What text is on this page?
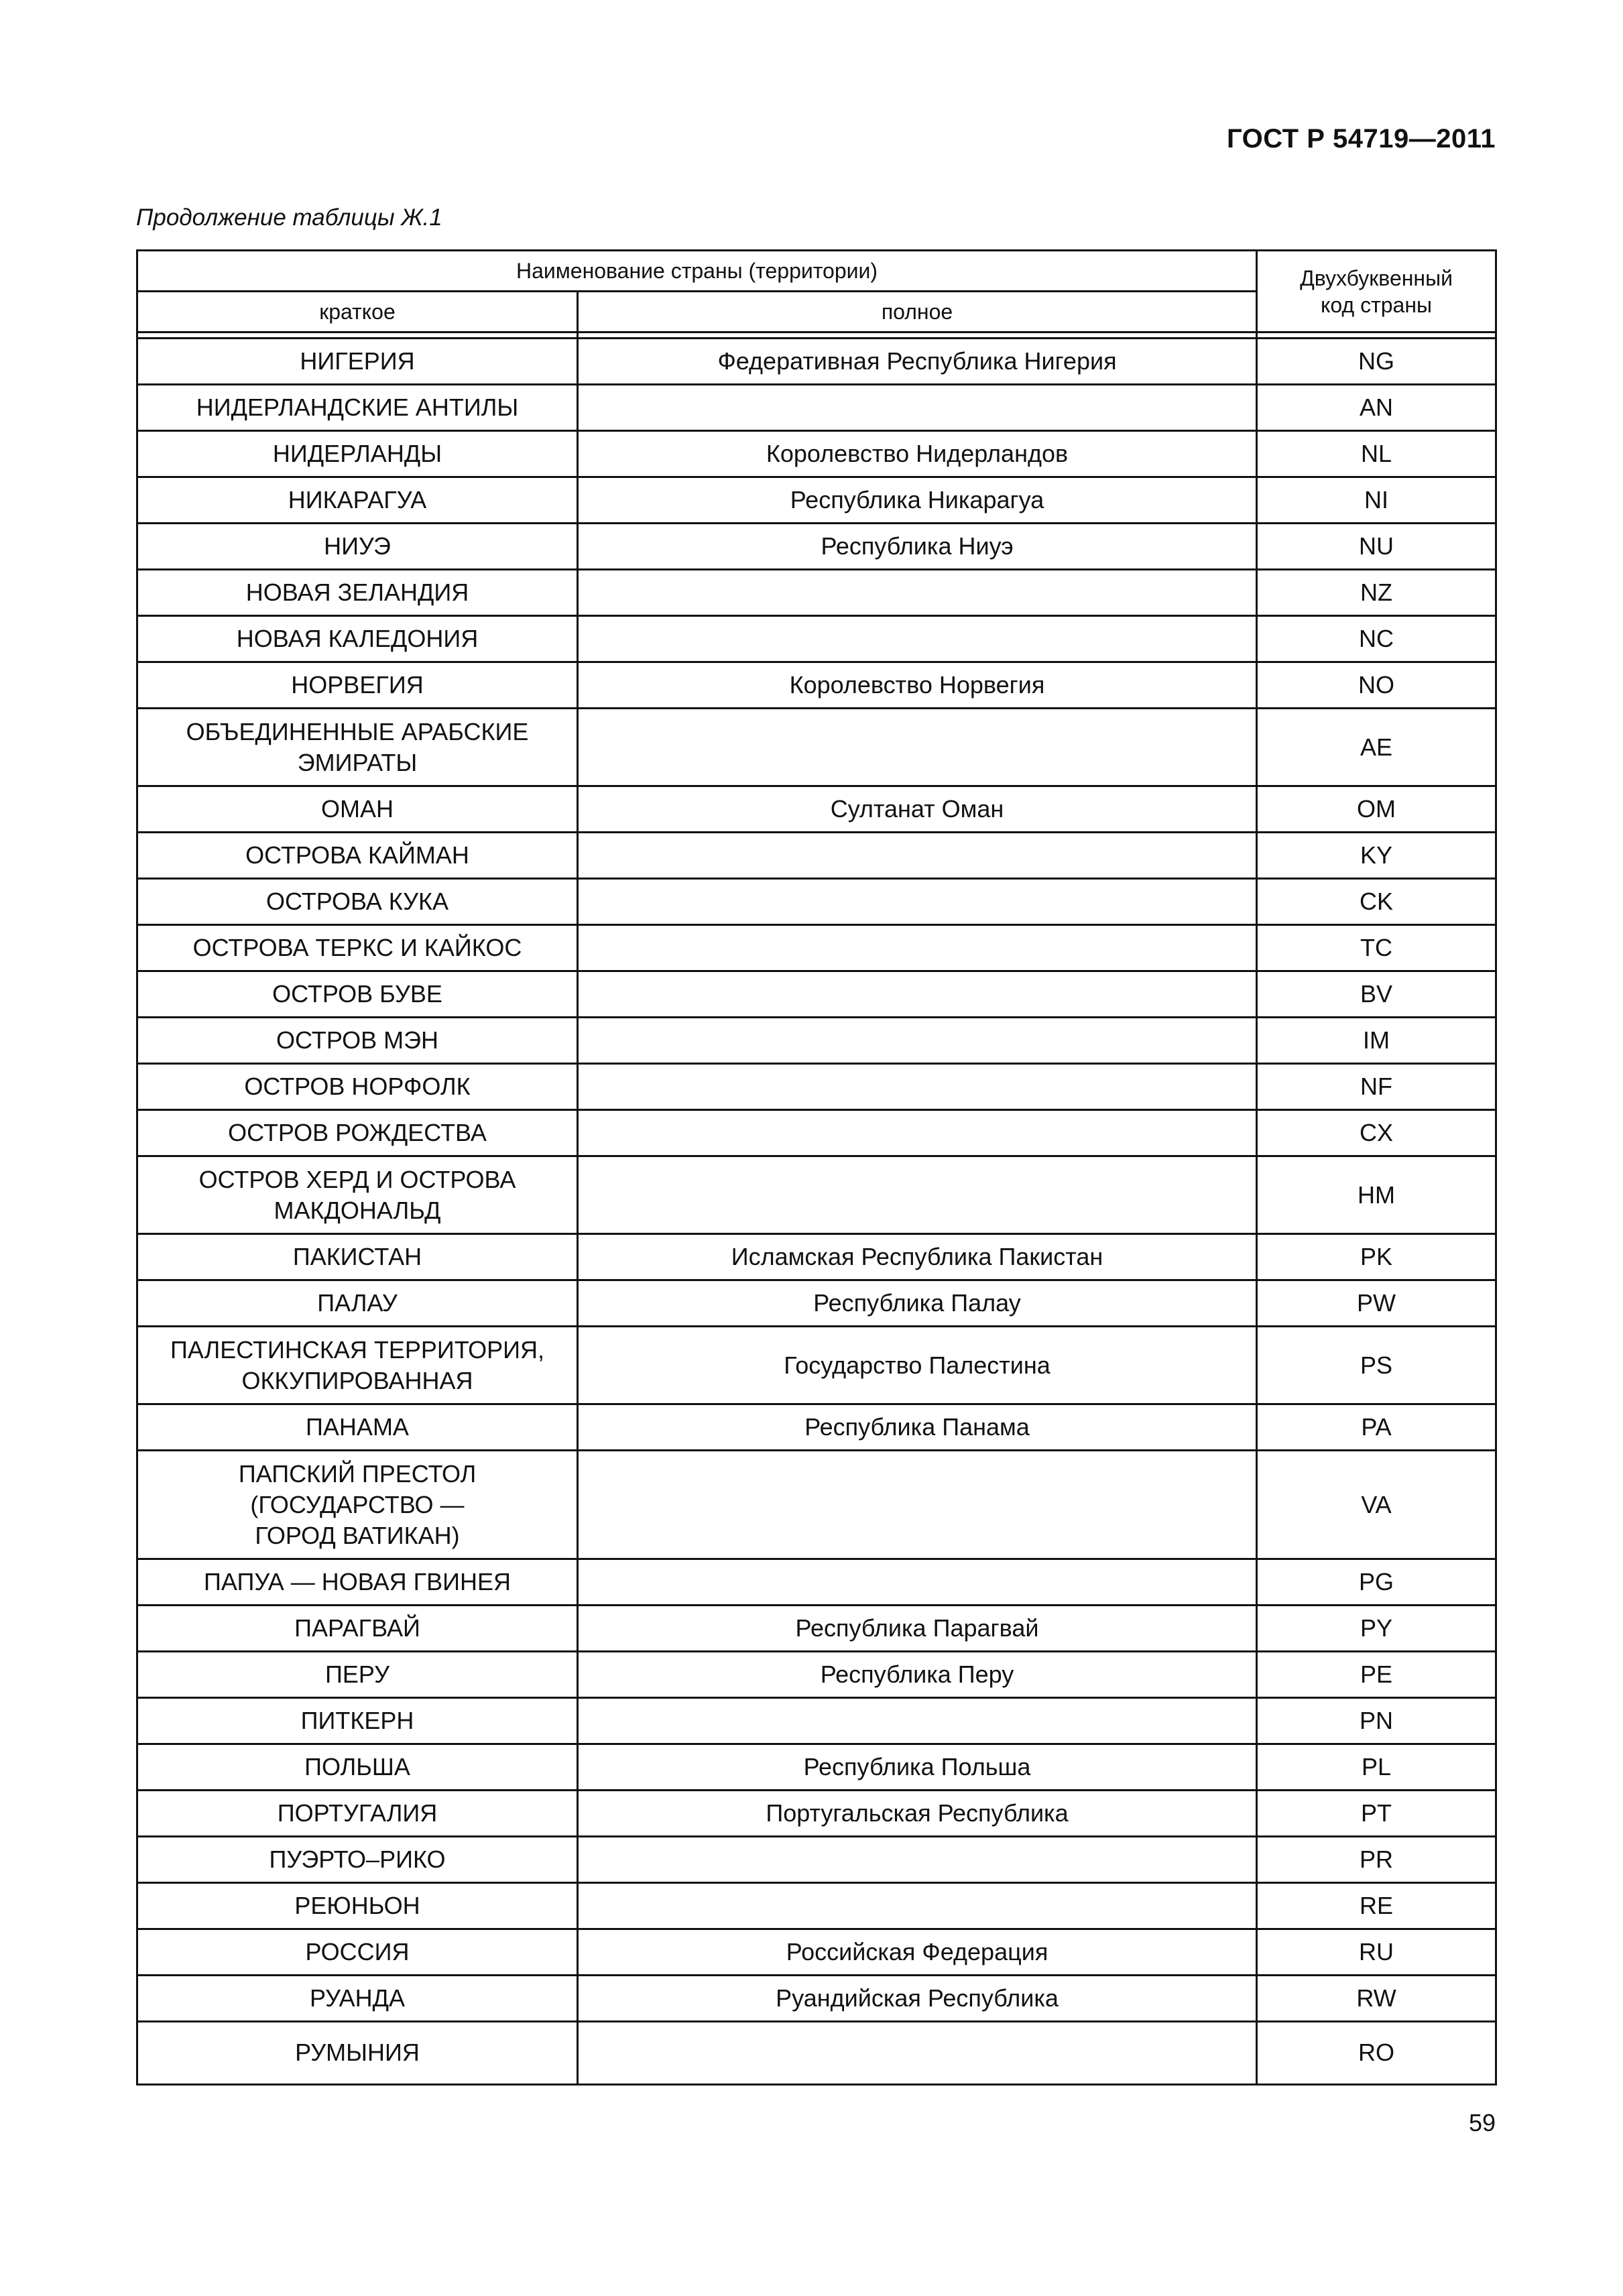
ГОСТ Р 54719—2011
Продолжение таблицы Ж.1
Наименование страны (территории)		Двухбуквенный код страны
краткое	полное	

НИГЕРИЯ	Федеративная Республика Нигерия	NG
НИДЕРЛАНДСКИЕ АНТИЛЫ		AN
НИДЕРЛАНДЫ	Королевство Нидерландов	NL
НИКАРАГУА	Республика Никарагуа	NI
НИУЭ	Республика Ниуэ	NU
НОВАЯ ЗЕЛАНДИЯ		NZ
НОВАЯ КАЛЕДОНИЯ		NC
НОРВЕГИЯ	Королевство Норвегия	NO
ОБЪЕДИНЕННЫЕ АРАБСКИЕ ЭМИРАТЫ		AE
ОМАН	Султанат Оман	OM
ОСТРОВА КАЙМАН		KY
ОСТРОВА КУКА		CK
ОСТРОВА ТЕРКС И КАЙКОС		TC
ОСТРОВ БУВЕ		BV
ОСТРОВ МЭН		IM
ОСТРОВ НОРФОЛК		NF
ОСТРОВ РОЖДЕСТВА		CX
ОСТРОВ ХЕРД И ОСТРОВА МАКДОНАЛЬД		HM
ПАКИСТАН	Исламская Республика Пакистан	PK
ПАЛАУ	Республика Палау	PW
ПАЛЕСТИНСКАЯ ТЕРРИТОРИЯ, ОККУПИРОВАННАЯ	Государство Палестина	PS
ПАНАМА	Республика Панама	PA
ПАПСКИЙ ПРЕСТОЛ (ГОСУДАРСТВО — ГОРОД ВАТИКАН)		VA
ПАПУА — НОВАЯ ГВИНЕЯ		PG
ПАРАГВАЙ	Республика Парагвай	PY
ПЕРУ	Республика Перу	PE
ПИТКЕРН		PN
ПОЛЬША	Республика Польша	PL
ПОРТУГАЛИЯ	Португальская Республика	PT
ПУЭРТО–РИКО		PR
РЕЮНЬОН		RE
РОССИЯ	Российская Федерация	RU
РУАНДА	Руандийская Республика	RW
РУМЫНИЯ		RO
59
